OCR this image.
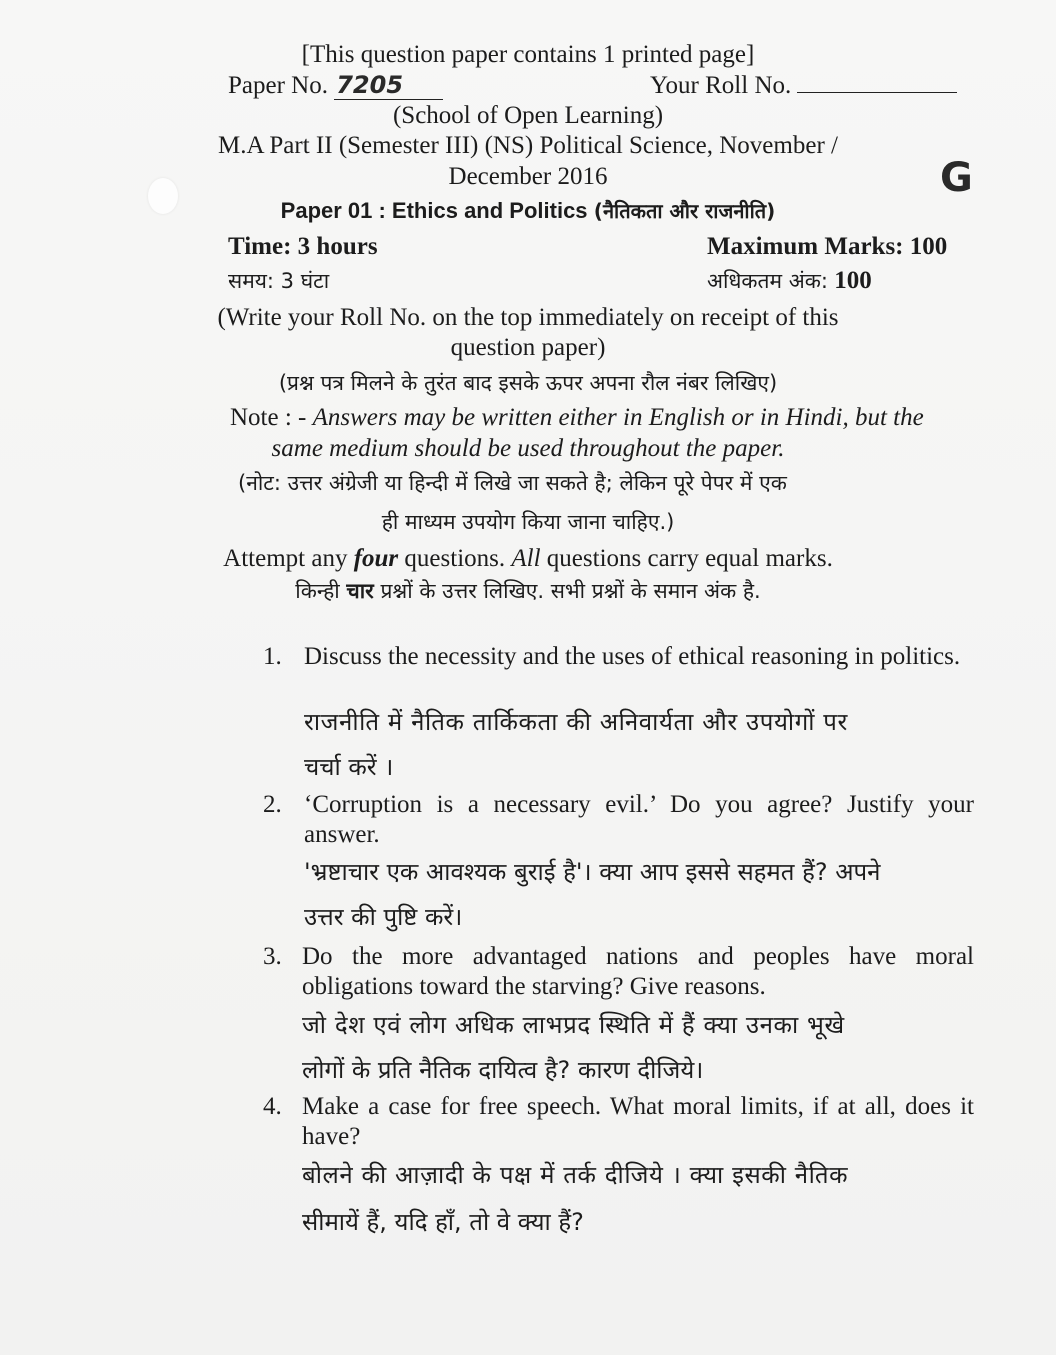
[This question paper contains 1 printed page]
Paper No. 7205	Your Roll No.
(School of Open Learning)
M.A Part II (Semester III) (NS) Political Science, November /
December 2016	G
Paper 01 : Ethics and Politics (नैतिकता और राजनीति)
Time: 3 hours	Maximum Marks: 100
समय: 3 घंटा	अधिकतम अंक: 100
(Write your Roll No. on the top immediately on receipt of this
question paper)
(प्रश्न पत्र मिलने के तुरंत बाद इसके ऊपर अपना रौल नंबर लिखिए)
Note : - Answers may be written either in English or in Hindi, but the
same medium should be used throughout the paper.
(नोट: उत्तर अंग्रेजी या हिन्दी में लिखे जा सकते है; लेकिन पूरे पेपर में एक
ही माध्यम उपयोग किया जाना चाहिए.)
Attempt any four questions. All questions carry equal marks.
किन्ही चार प्रश्नों के उत्तर लिखिए. सभी प्रश्नों के समान अंक है.
1. Discuss the necessity and the uses of ethical reasoning in politics.
राजनीति में नैतिक तार्किकता की अनिवार्यता और उपयोगों पर
चर्चा करें ।
2. ‘Corruption is a necessary evil.’ Do you agree? Justify your answer.
'भ्रष्टाचार एक आवश्यक बुराई है'। क्या आप इससे सहमत हैं? अपने
उत्तर की पुष्टि करें।
3. Do the more advantaged nations and peoples have moral obligations toward the starving? Give reasons.
जो देश एवं लोग अधिक लाभप्रद स्थिति में हैं क्या उनका भूखे
लोगों के प्रति नैतिक दायित्व है? कारण दीजिये।
4. Make a case for free speech. What moral limits, if at all, does it have?
बोलने की आज़ादी के पक्ष में तर्क दीजिये । क्या इसकी नैतिक
सीमायें हैं, यदि हाँ, तो वे क्या हैं?
